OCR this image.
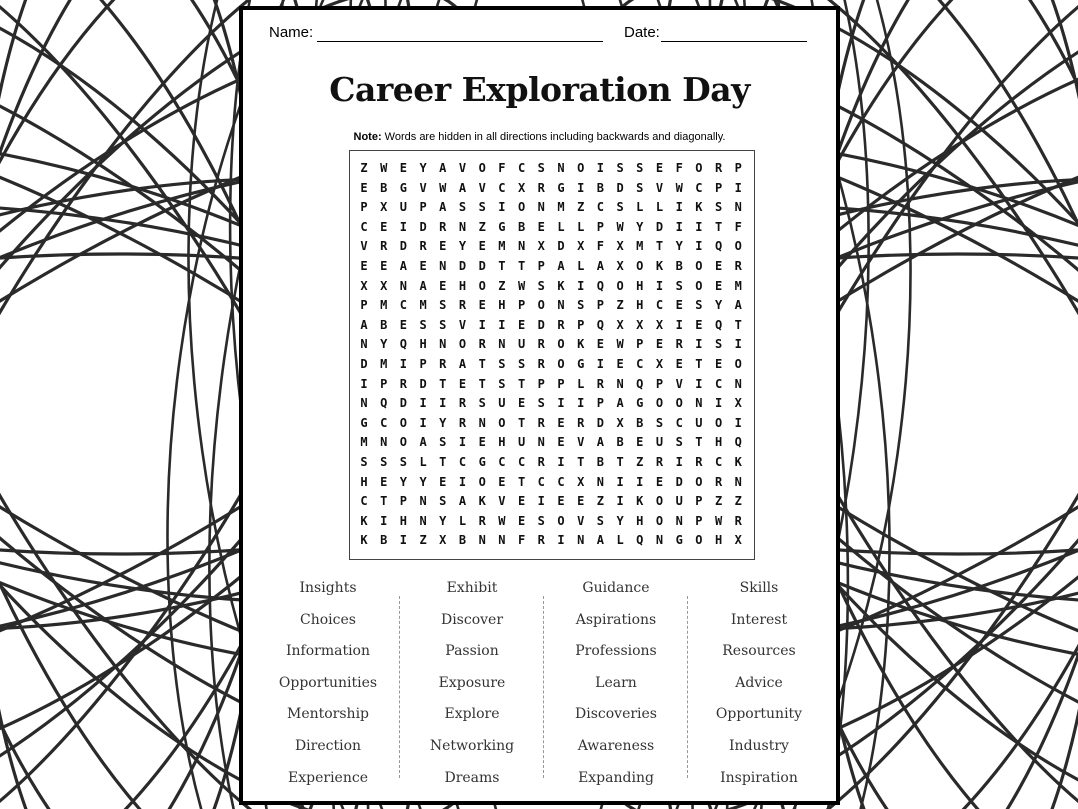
Name:	Date:
Career Exploration Day
Note: Words are hidden in all directions including backwards and diagonally.
Z	W	E	Y	A	V	O	F	C	S	N	O	I	S	S	E	F	O	R	P
E	B	G	V	W	A	V	C	X	R	G	I	B	D	S	V	W	C	P	I
P	X	U	P	A	S	S	I	O	N	M	Z	C	S	L	L	I	K	S	N
C	E	I	D	R	N	Z	G	B	E	L	L	P	W	Y	D	I	I	T	F
V	R	D	R	E	Y	E	M	N	X	D	X	F	X	M	T	Y	I	Q	O
E	E	A	E	N	D	D	T	T	P	A	L	A	X	O	K	B	O	E	R
X	X	N	A	E	H	O	Z	W	S	K	I	Q	O	H	I	S	O	E	M
P	M	C	M	S	R	E	H	P	O	N	S	P	Z	H	C	E	S	Y	A
A	B	E	S	S	V	I	I	E	D	R	P	Q	X	X	X	I	E	Q	T
N	Y	Q	H	N	O	R	N	U	R	O	K	E	W	P	E	R	I	S	I
D	M	I	P	R	A	T	S	S	R	O	G	I	E	C	X	E	T	E	O
I	P	R	D	T	E	T	S	T	P	P	L	R	N	Q	P	V	I	C	N
N	Q	D	I	I	R	S	U	E	S	I	I	P	A	G	O	O	N	I	X
G	C	O	I	Y	R	N	O	T	R	E	R	D	X	B	S	C	U	O	I
M	N	O	A	S	I	E	H	U	N	E	V	A	B	E	U	S	T	H	Q
S	S	S	L	T	C	G	C	C	R	I	T	B	T	Z	R	I	R	C	K
H	E	Y	Y	E	I	O	E	T	C	C	X	N	I	I	E	D	O	R	N
C	T	P	N	S	A	K	V	E	I	E	E	Z	I	K	O	U	P	Z	Z
K	I	H	N	Y	L	R	W	E	S	O	V	S	Y	H	O	N	P	W	R
K	B	I	Z	X	B	N	N	F	R	I	N	A	L	Q	N	G	O	H	X
Insights
Choices
Information
Opportunities
Mentorship
Direction
Experience
Exhibit
Discover
Passion
Exposure
Explore
Networking
Dreams
Guidance
Aspirations
Professions
Learn
Discoveries
Awareness
Expanding
Skills
Interest
Resources
Advice
Opportunity
Industry
Inspiration
